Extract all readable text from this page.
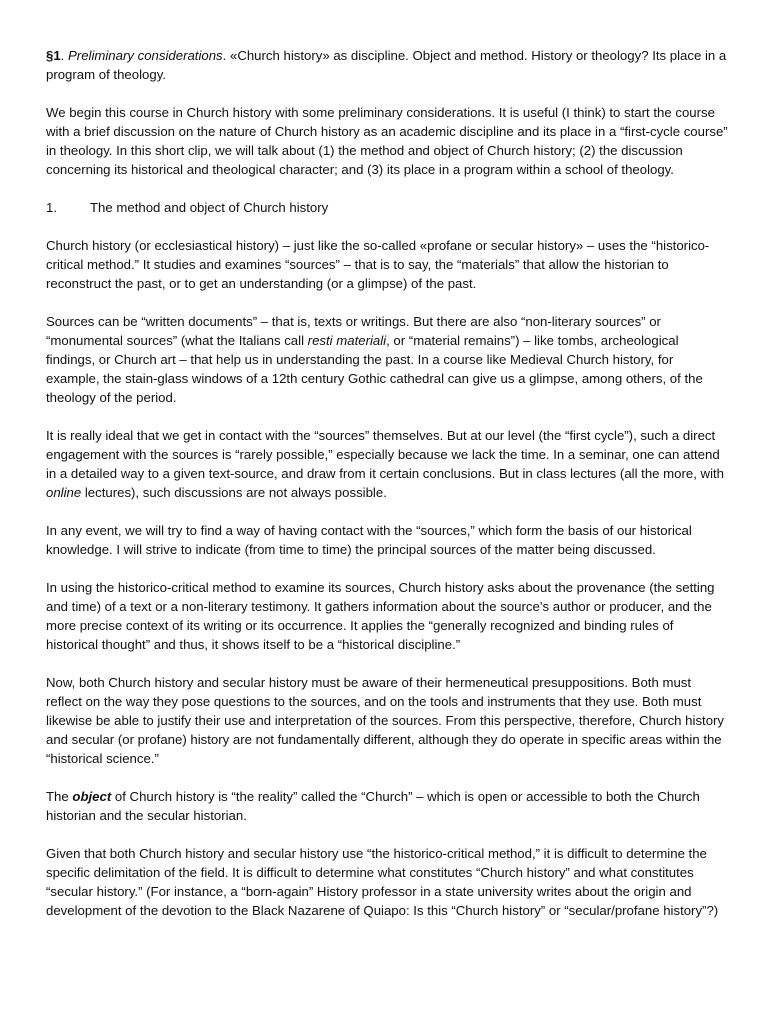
§1. Preliminary considerations. «Church history» as discipline. Object and method. History or theology? Its place in a program of theology.

We begin this course in Church history with some preliminary considerations. It is useful (I think) to start the course with a brief discussion on the nature of Church history as an academic discipline and its place in a “first-cycle course” in theology. In this short clip, we will talk about (1) the method and object of Church history; (2) the discussion concerning its historical and theological character; and (3) its place in a program within a school of theology.

1.	The method and object of Church history

Church history (or ecclesiastical history) – just like the so-called «profane or secular history» – uses the “historico-critical method.” It studies and examines “sources” – that is to say, the “materials” that allow the historian to reconstruct the past, or to get an understanding (or a glimpse) of the past.

Sources can be “written documents” – that is, texts or writings. But there are also “non-literary sources” or “monumental sources” (what the Italians call resti materiali, or “material remains”) – like tombs, archeological findings, or Church art – that help us in understanding the past. In a course like Medieval Church history, for example, the stain-glass windows of a 12th century Gothic cathedral can give us a glimpse, among others, of the theology of the period.

It is really ideal that we get in contact with the “sources” themselves. But at our level (the “first cycle”), such a direct engagement with the sources is “rarely possible,” especially because we lack the time. In a seminar, one can attend in a detailed way to a given text-source, and draw from it certain conclusions. But in class lectures (all the more, with online lectures), such discussions are not always possible.

In any event, we will try to find a way of having contact with the “sources,” which form the basis of our historical knowledge. I will strive to indicate (from time to time) the principal sources of the matter being discussed.

In using the historico-critical method to examine its sources, Church history asks about the provenance (the setting and time) of a text or a non-literary testimony. It gathers information about the source’s author or producer, and the more precise context of its writing or its occurrence. It applies the “generally recognized and binding rules of historical thought” and thus, it shows itself to be a “historical discipline.”

Now, both Church history and secular history must be aware of their hermeneutical presuppositions. Both must reflect on the way they pose questions to the sources, and on the tools and instruments that they use. Both must likewise be able to justify their use and interpretation of the sources. From this perspective, therefore, Church history and secular (or profane) history are not fundamentally different, although they do operate in specific areas within the “historical science.”

The object of Church history is “the reality” called the “Church” – which is open or accessible to both the Church historian and the secular historian.

Given that both Church history and secular history use “the historico-critical method,” it is difficult to determine the specific delimitation of the field. It is difficult to determine what constitutes “Church history” and what constitutes “secular history.” (For instance, a “born-again” History professor in a state university writes about the origin and development of the devotion to the Black Nazarene of Quiapo: Is this “Church history” or “secular/profane history”?)
